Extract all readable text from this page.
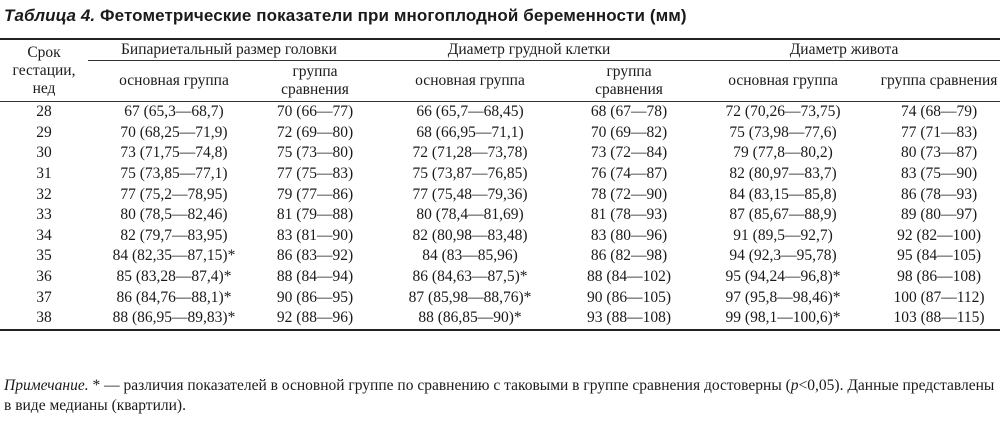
Таблица 4. Фетометрические показатели при многоплодной беременности (мм)
Срок гестации, нед	Бипариетальный размер головки		Диаметр грудной клетки		Диаметр живота	
	основная группа	группа сравнения	основная группа	группа сравнения	основная группа	группа сравнения
28	67 (65,3—68,7)	70 (66—77)	66 (65,7—68,45)	68 (67—78)	72 (70,26—73,75)	74 (68—79)
29	70 (68,25—71,9)	72 (69—80)	68 (66,95—71,1)	70 (69—82)	75 (73,98—77,6)	77 (71—83)
30	73 (71,75—74,8)	75 (73—80)	72 (71,28—73,78)	73 (72—84)	79 (77,8—80,2)	80 (73—87)
31	75 (73,85—77,1)	77 (75—83)	75 (73,87—76,85)	76 (74—87)	82 (80,97—83,7)	83 (75—90)
32	77 (75,2—78,95)	79 (77—86)	77 (75,48—79,36)	78 (72—90)	84 (83,15—85,8)	86 (78—93)
33	80 (78,5—82,46)	81 (79—88)	80 (78,4—81,69)	81 (78—93)	87 (85,67—88,9)	89 (80—97)
34	82 (79,7—83,95)	83 (81—90)	82 (80,98—83,48)	83 (80—96)	91 (89,5—92,7)	92 (82—100)
35	84 (82,35—87,15)*	86 (83—92)	84 (83—85,96)	86 (82—98)	94 (92,3—95,78)	95 (84—105)
36	85 (83,28—87,4)*	88 (84—94)	86 (84,63—87,5)*	88 (84—102)	95 (94,24—96,8)*	98 (86—108)
37	86 (84,76—88,1)*	90 (86—95)	87 (85,98—88,76)*	90 (86—105)	97 (95,8—98,46)*	100 (87—112)
38	88 (86,95—89,83)*	92 (88—96)	88 (86,85—90)*	93 (88—108)	99 (98,1—100,6)*	103 (88—115)
Примечание. * — различия показателей в основной группе по сравнению с таковыми в группе сравнения достоверны (p<0,05). Данные представлены в виде медианы (квартили).
